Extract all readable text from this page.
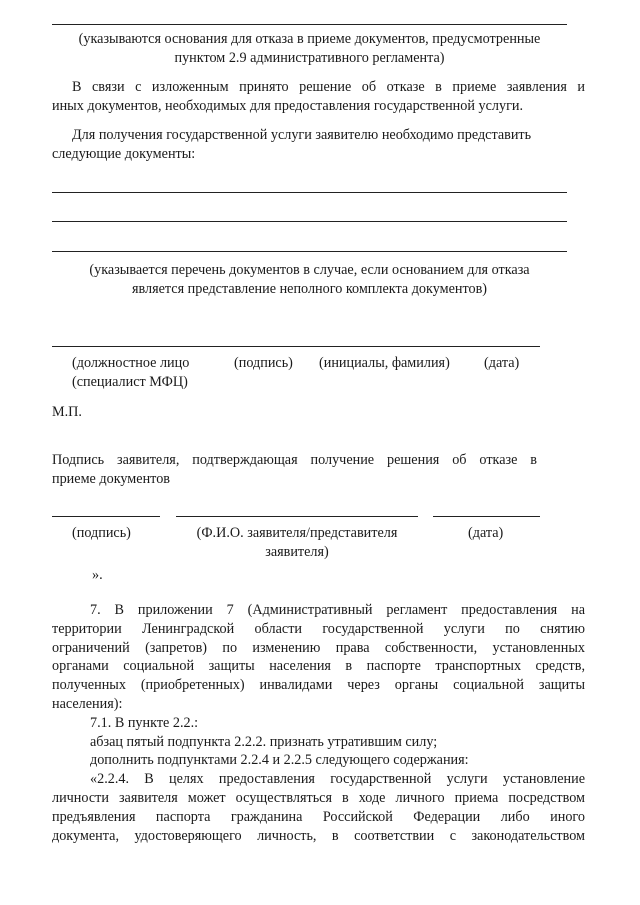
(указываются основания для отказа в приеме документов, предусмотренные
пунктом 2.9 административного регламента)
В связи с изложенным принято решение об отказе в приеме заявления и
иных документов, необходимых для предоставления государственной услуги.
Для получения государственной услуги заявителю необходимо представить
следующие документы:
(указывается перечень документов в случае, если основанием для отказа
является представление неполного комплекта документов)
(должностное лицо
(специалист МФЦ)
(подпись) (инициалы, фамилия) (дата)
М.П.
Подпись заявителя, подтверждающая получение решения об отказе в
приеме документов
(подпись)	(Ф.И.О. заявителя/представителя
заявителя)
(дата)
».
7. В приложении 7 (Административный регламент предоставления на
территории Ленинградской области государственной услуги по снятию
ограничений (запретов) по изменению права собственности, установленных
органами социальной защиты населения в паспорте транспортных средств,
полученных (приобретенных) инвалидами через органы социальной защиты
населения):
7.1. В пункте 2.2.:
абзац пятый подпункта 2.2.2. признать утратившим силу;
дополнить подпунктами 2.2.4 и 2.2.5 следующего содержания:
«2.2.4. В целях предоставления государственной услуги установление
личности заявителя может осуществляться в ходе личного приема посредством
предъявления паспорта гражданина Российской Федерации либо иного
документа, удостоверяющего личность, в соответствии с законодательством
